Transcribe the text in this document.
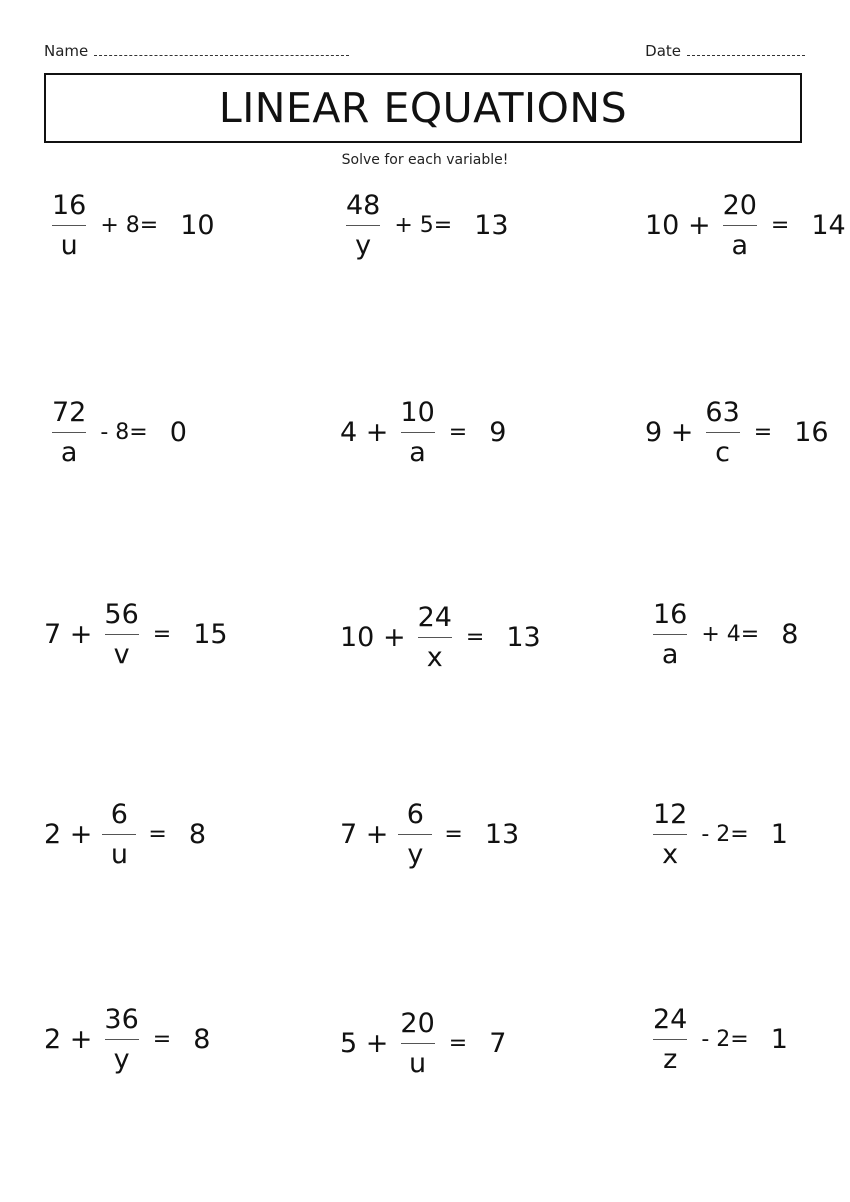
Name	Date
LINEAR EQUATIONS
Solve for each variable!
$\frac{16}{u} + 8= 10$	$\frac{48}{y} + 5= 13$	$10 + \frac{20}{a} = 14$
$\frac{72}{a} - 8= 0$	$4 + \frac{10}{a} = 9$	$9 + \frac{63}{c} = 16$
$7 + \frac{56}{v} = 15$	$10 + \frac{24}{x} = 13$	$\frac{16}{a} + 4= 8$
$2 + \frac{6}{u} = 8$	$7 + \frac{6}{y} = 13$	$\frac{12}{x} - 2= 1$
$2 + \frac{36}{y} = 8$	$5 + \frac{20}{u} = 7$	$\frac{24}{z} - 2= 1$
